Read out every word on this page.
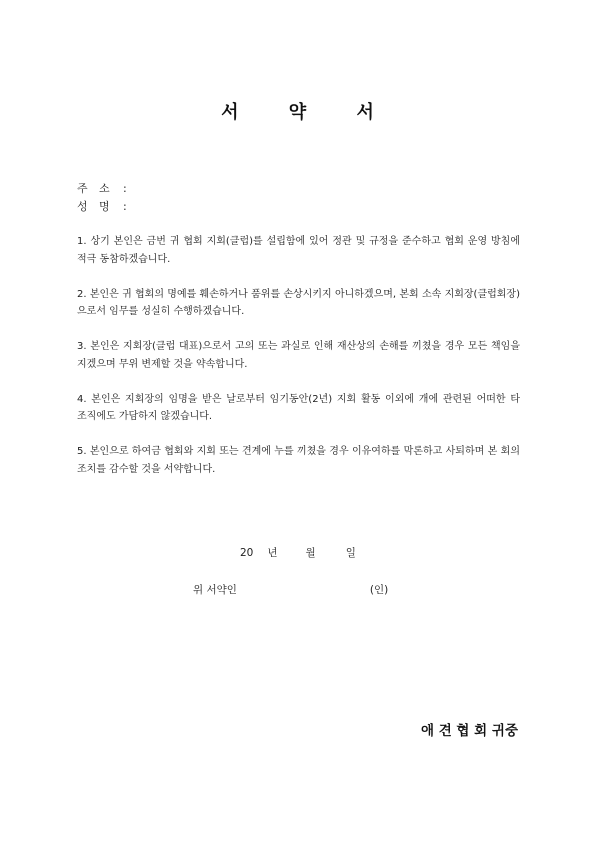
서	약	서
주 소	:
성 명	:

1. 상기 본인은 금번 귀 협회 지회(클럽)를 설립함에 있어 정관 및 규정을 준수하고 협회 운영 방침에 적극 동참하겠습니다.

2. 본인은 귀 협회의 명예를 훼손하거나 품위를 손상시키지 아니하겠으며, 본회 소속 지회장(클럽회장)으로서 임무를 성실히 수행하겠습니다.

3. 본인은 지회장(클럽 대표)으로서 고의 또는 과실로 인해 재산상의 손해를 끼쳤을 경우 모든 책임을 지겠으며 무위 변제할 것을 약속합니다.

4. 본인은 지회장의 임명을 받은 날로부터 임기동안(2년) 지회 활동 이외에 개에 관련된 어떠한 타 조직에도 가담하지 않겠습니다.

5. 본인으로 하여금 협회와 지회 또는 견계에 누를 끼쳤을 경우 이유여하를 막론하고 사퇴하며 본 회의 조치를 감수할 것을 서약합니다.

20 년	월	일
위 서약인	(인)
애 견 협 회 귀중
